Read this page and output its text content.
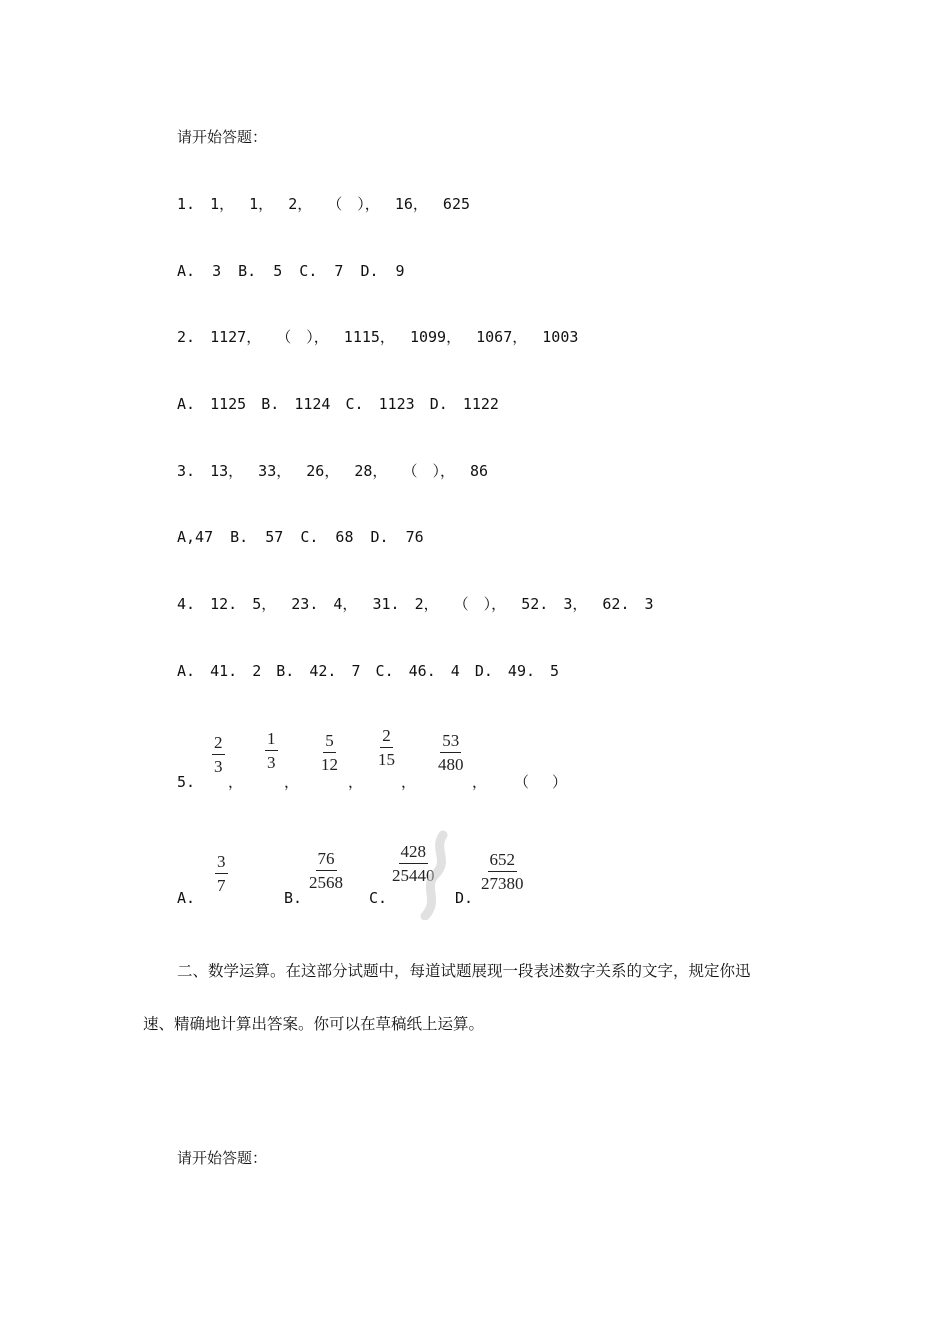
请开始答题：
1. 1， 1， 2， （ ）， 16， 625
A. 3 B. 5 C. 7 D. 9
2. 1127， （ ）， 1115， 1099， 1067， 1003
A. 1125 B. 1124 C. 1123 D. 1122
3. 13， 33， 26， 28， （ ）， 86
A,47 B. 57 C. 68 D. 76
4. 12. 5， 23. 4， 31. 2， （ ）， 52. 3， 62. 3
A. 41. 2 B. 42. 7 C. 46. 4 D. 49. 5
5.
$\frac{2}{3}$
，
$\frac{1}{3}$
，
$\frac{5}{12}$
，
$\frac{2}{15}$
，
$\frac{53}{480}$
， （ ）
A.
$\frac{3}{7}$
B.
$\frac{76}{2568}$
C.
$\frac{428}{25440}$
D.
$\frac{652}{27380}$
二、数学运算。在这部分试题中，每道试题展现一段表述数字关系的文字，规定你迅
速、精确地计算出答案。你可以在草稿纸上运算。
请开始答题：
